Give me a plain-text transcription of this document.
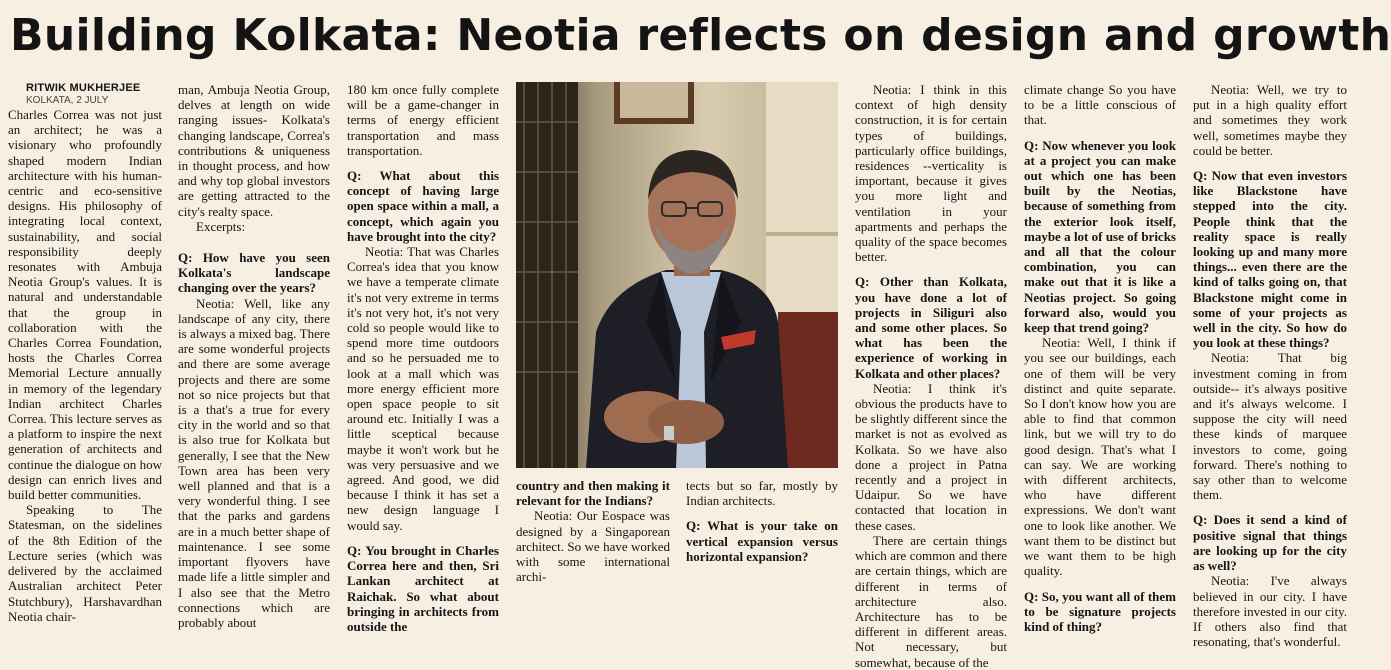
Building Kolkata: Neotia reflects on design and growth

RITWIK MUKHERJEE

KOLKATA, 2 JULY

Charles Correa was not just an architect; he was a visionary who profoundly shaped modern Indian architecture with his human-centric and eco-sensitive designs. His philosophy of integrating local context, sustainability, and social responsibility deeply resonates with Ambuja Neotia Group's values. It is natural and understandable that the group in collaboration with the Charles Correa Foundation, hosts the Charles Correa Memorial Lecture annually in memory of the legendary Indian architect Charles Correa. This lecture serves as a platform to inspire the next generation of architects and continue the dialogue on how design can enrich lives and build better communities.

Speaking to The Statesman, on the sidelines of the 8th Edition of the Lecture series (which was delivered by the acclaimed Australian architect Peter Stutchbury), Harshavardhan Neotia chair-

man, Ambuja Neotia Group, delves at length on wide ranging issues- Kolkata's changing landscape, Correa's contributions & uniqueness in thought process, and how and why top global investors are getting attracted to the city's realty space.

Excerpts:

Q: How have you seen Kolkata's landscape changing over the years?

Neotia: Well, like any landscape of any city, there is always a mixed bag. There are some wonderful projects and there are some average projects and there are some not so nice projects but that is a that's a true for every city in the world and so that is also true for Kolkata but generally, I see that the New Town area has been very well planned and that is a very wonderful thing. I see that the parks and gardens are in a much better shape of maintenance. I see some important flyovers have made life a little simpler and I also see that the Metro connections which are probably about

180 km once fully complete will be a game-changer in terms of energy efficient transportation and mass transportation.

Q: What about this concept of having large open space within a mall, a concept, which again you have brought into the city?

Neotia: That was Charles Correa's idea that you know we have a temperate climate it's not very extreme in terms it's not very hot, it's not very cold so people would like to spend more time outdoors and so he persuaded me to look at a mall which was more energy efficient more open space people to sit around etc. Initially I was a little sceptical because maybe it won't work but he was very persuasive and we agreed. And good, we did because I think it has set a new design language I would say.

Q: You brought in Charles Correa here and then, Sri Lankan architect at Raichak. So what about bringing in architects from outside the

country and then making it relevant for the Indians?

Neotia: Our Eospace was designed by a Singaporean architect. So we have worked with some international archi-

tects but so far, mostly by Indian architects.

Q: What is your take on vertical expansion versus horizontal expansion?

Neotia: I think in this context of high density construction, it is for certain types of buildings, particularly office buildings, residences --verticality is important, because it gives you more light and ventilation in your apartments and perhaps the quality of the space becomes better.

Q: Other than Kolkata, you have done a lot of projects in Siliguri also and some other places. So what has been the experience of working in Kolkata and other places?

Neotia: I think it's obvious the products have to be slightly different since the market is not as evolved as Kolkata. So we have also done a project in Patna recently and a project in Udaipur. So we have contacted that location in these cases.

There are certain things which are common and there are certain things, which are different in terms of architecture also. Architecture has to be different in different areas. Not necessary, but somewhat, because of the

climate change So you have to be a little conscious of that.

Q: Now whenever you look at a project you can make out which one has been built by the Neotias, because of something from the exterior look itself, maybe a lot of use of bricks and all that the colour combination, you can make out that it is like a Neotias project. So going forward also, would you keep that trend going?

Neotia: Well, I think if you see our buildings, each one of them will be very distinct and quite separate. So I don't know how you are able to find that common link, but we will try to do good design. That's what I can say. We are working with different architects, who have different expressions. We don't want one to look like another. We want them to be distinct but we want them to be high quality.

Q: So, you want all of them to be signature projects kind of thing?

Neotia: Well, we try to put in a high quality effort and sometimes they work well, sometimes maybe they could be better.

Q: Now that even investors like Blackstone have stepped into the city. People think that the reality space is really looking up and many more things... even there are the kind of talks going on, that Blackstone might come in some of your projects as well in the city. So how do you look at these things?

Neotia: That big investment coming in from outside-- it's always positive and it's always welcome. I suppose the city will need these kinds of marquee investors to come, going forward. There's nothing to say other than to welcome them.

Q: Does it send a kind of positive signal that things are looking up for the city as well?

Neotia: I've always believed in our city. I have therefore invested in our city. If others also find that resonating, that's wonderful.
